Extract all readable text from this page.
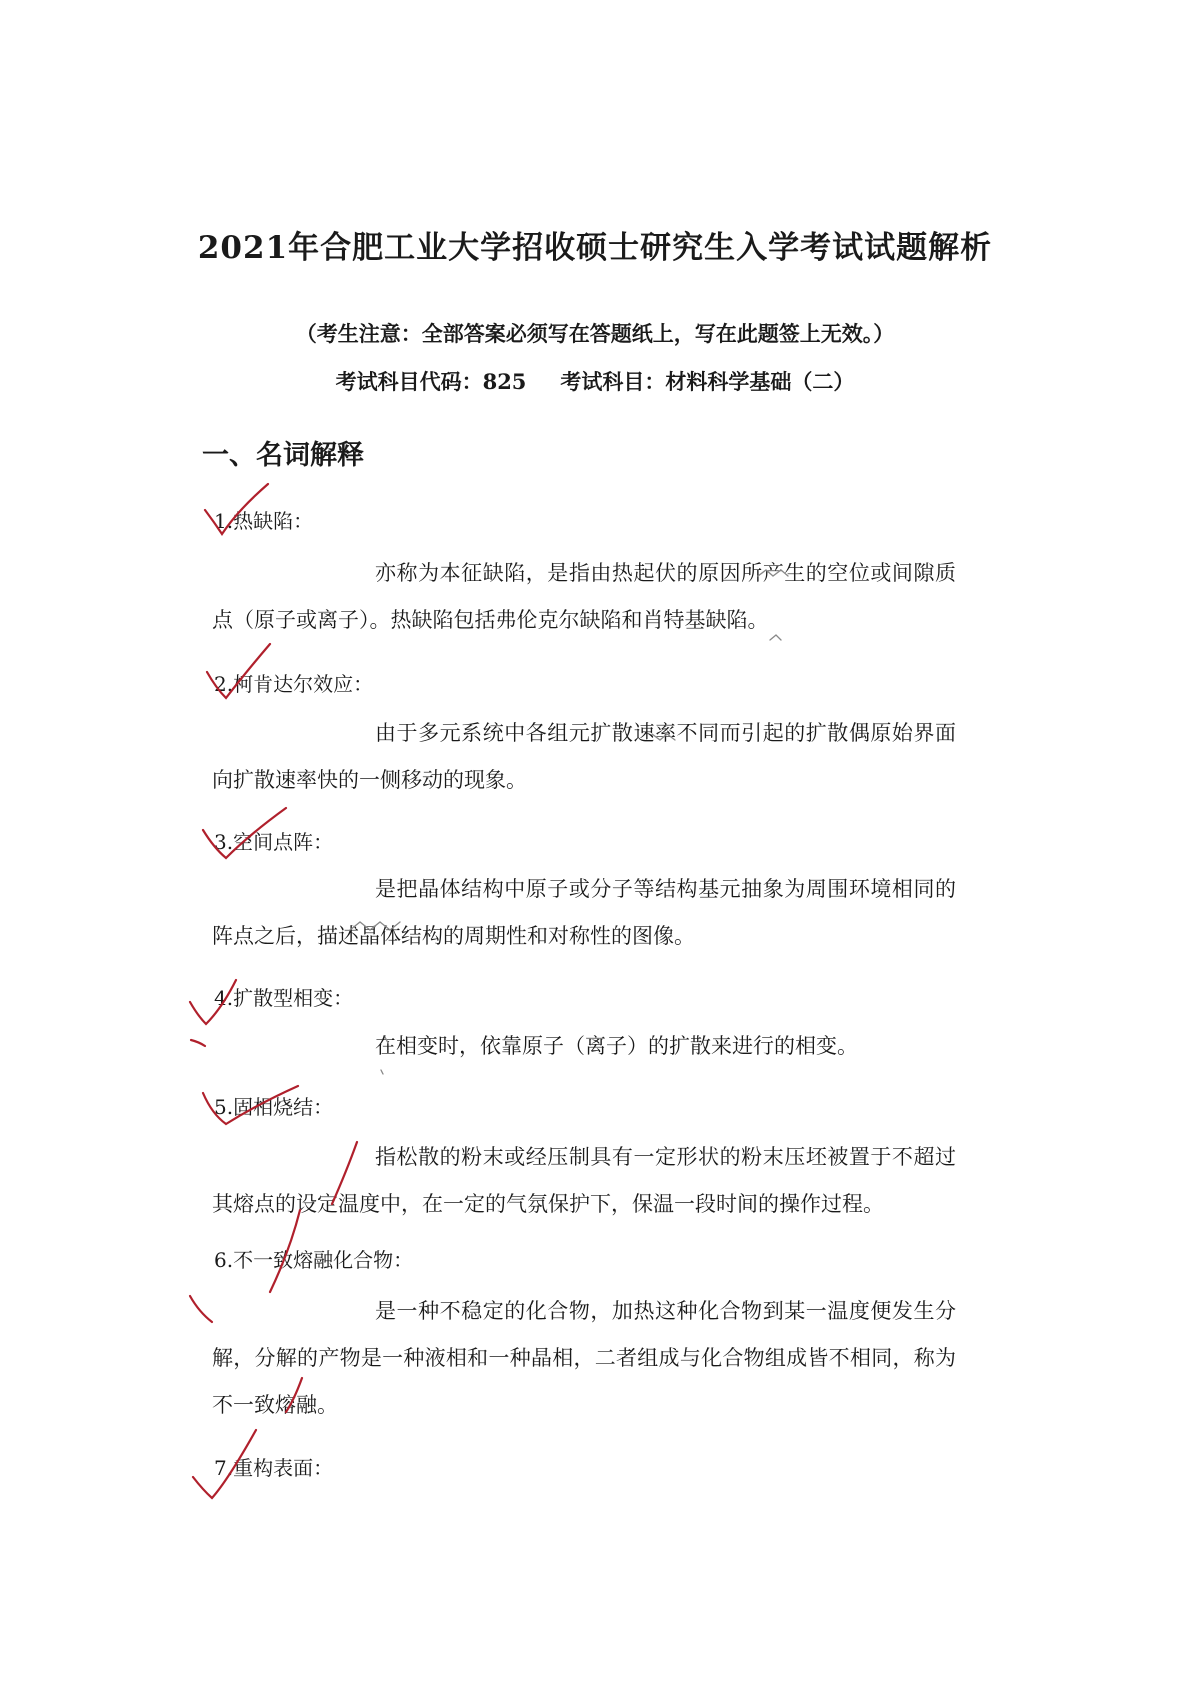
2021年合肥工业大学招收硕士研究生入学考试试题解析
（考生注意：全部答案必须写在答题纸上，写在此题签上无效。）
考试科目代码：825 考试科目：材料科学基础（二）
一、名词解释
1.热缺陷：
亦称为本征缺陷，是指由热起伏的原因所产生的空位或间隙质点（原子或离子）。热缺陷包括弗伦克尔缺陷和肖特基缺陷。
2.柯肯达尔效应：
由于多元系统中各组元扩散速率不同而引起的扩散偶原始界面向扩散速率快的一侧移动的现象。
3.空间点阵：
是把晶体结构中原子或分子等结构基元抽象为周围环境相同的阵点之后，描述晶体结构的周期性和对称性的图像。
4.扩散型相变：
在相变时，依靠原子（离子）的扩散来进行的相变。
5.固相烧结：
指松散的粉末或经压制具有一定形状的粉末压坯被置于不超过其熔点的设定温度中，在一定的气氛保护下，保温一段时间的操作过程。
6.不一致熔融化合物：
是一种不稳定的化合物，加热这种化合物到某一温度便发生分解，分解的产物是一种液相和一种晶相，二者组成与化合物组成皆不相同，称为不一致熔融。
7.重构表面：
